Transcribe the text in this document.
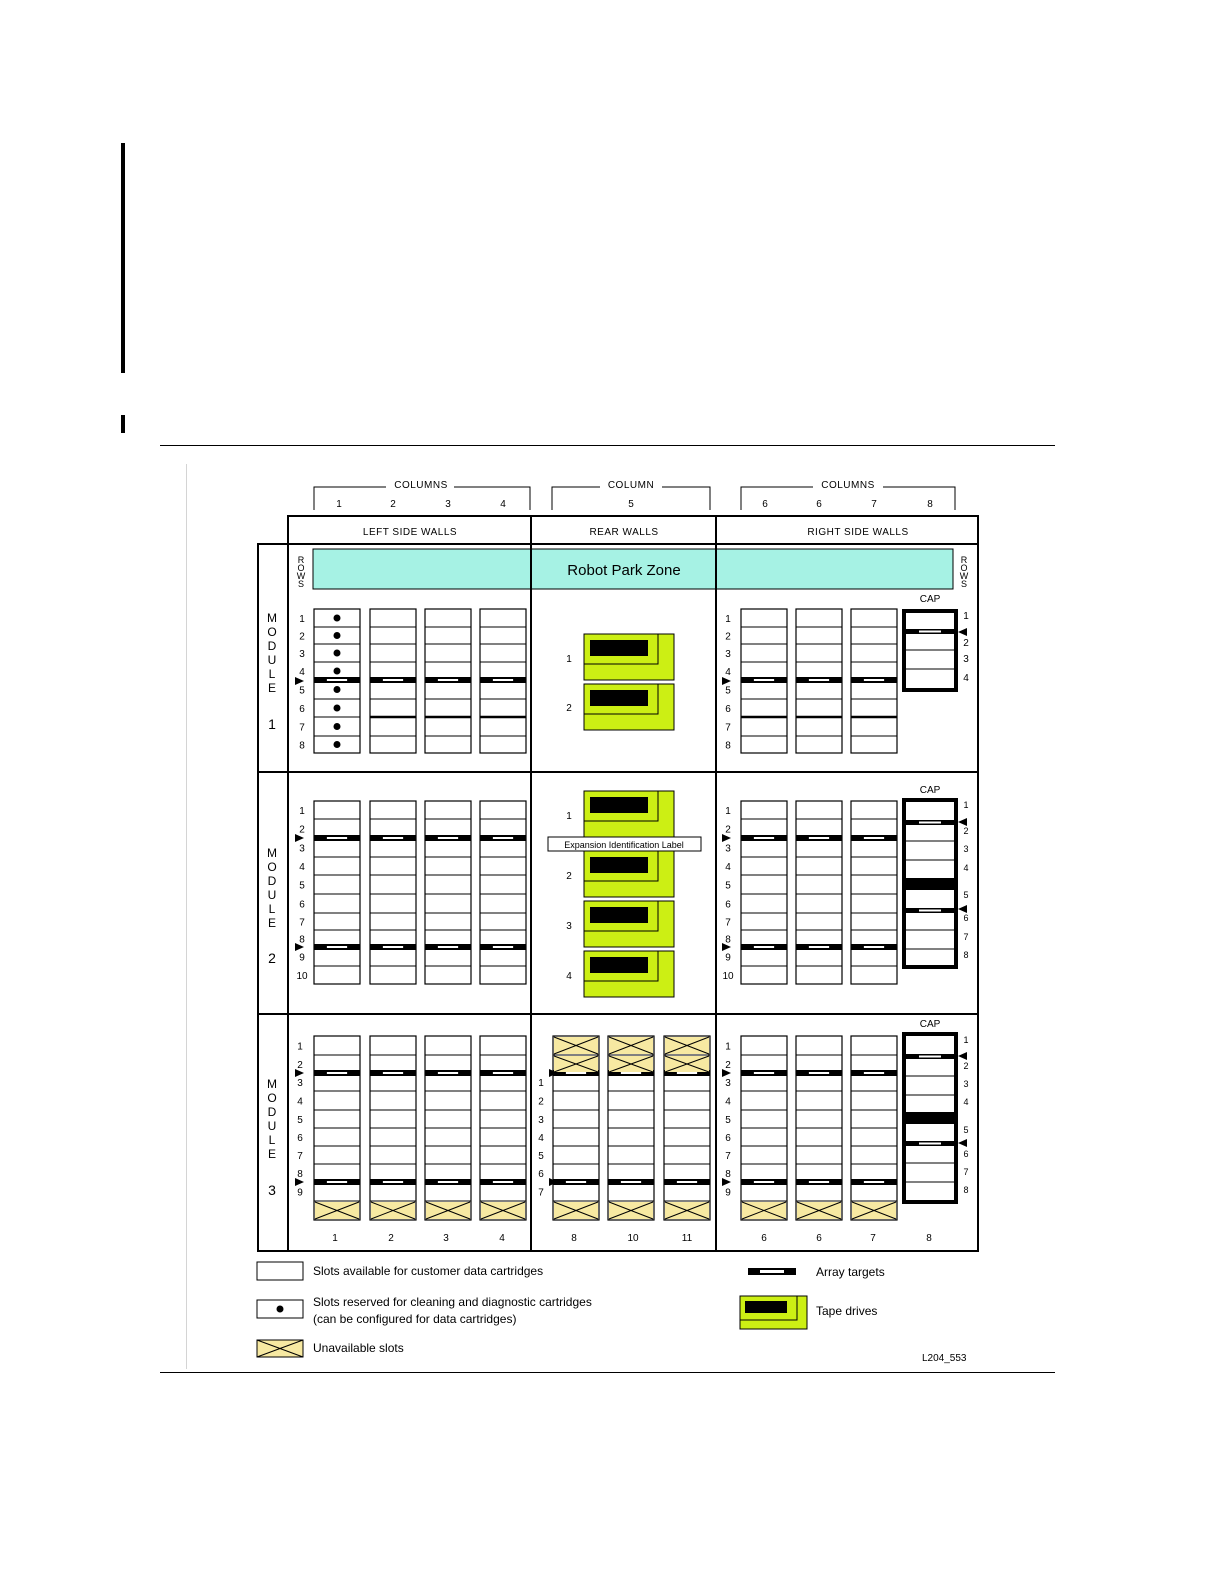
COLUMNS
1	2	3	4
COLUMN
5
COLUMNS
6	6	7	8
LEFT SIDE WALLS	REAR WALLS	RIGHT SIDE WALLS
Robot Park Zone
CAP
1
2
3
4
1	1
2	2
3	3
4	4
5	5
6	6
7	7
8	8
1
2
M
O
D
U
L
E
1
R
O
W
S
R
O
W
S
CAP
1
2
3
4
5
6
7
8
1	1
2	2
3	3
4	4
5	5
6	6
7	7
8	8
9	9
10	10
1
2
3
4
Expansion Identification Label
M
O
D
U
L
E
2
CAP
1
2
3
4
5
6
7
8
1	1
2	2
3	3
4	4
5	5
6	6
7	7
8	8
9	9
1
2
3
4
5
6
7
M
O
D
U
L
E
3
1	2	3	4	8	10	11	6	6	7	8
Slots available for customer data cartridges
Slots reserved for cleaning and diagnostic cartridges
(can be configured for data cartridges)
Unavailable slots
Array targets
Tape drives
L204_553
